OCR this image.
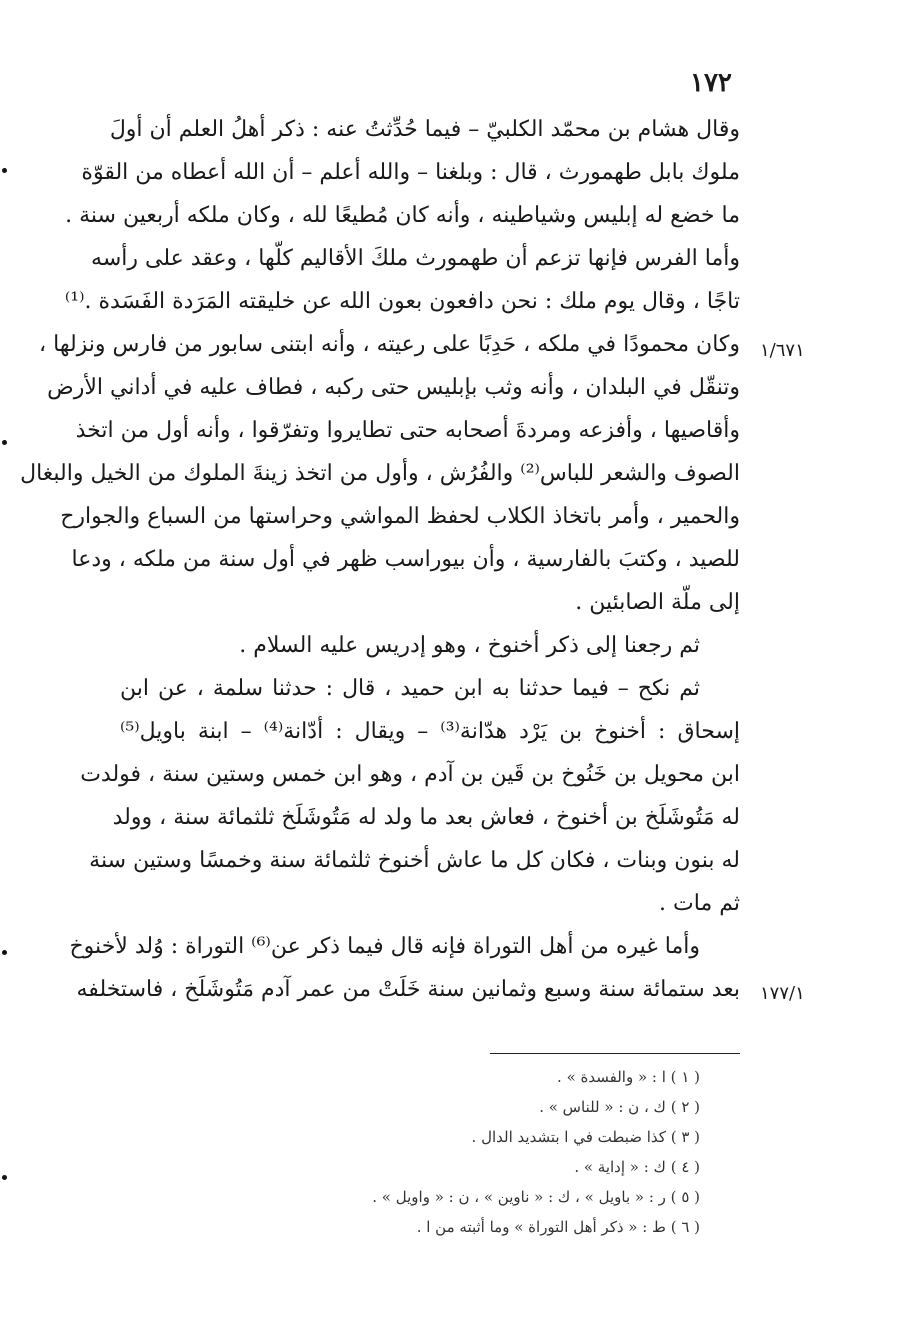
١٧٢
١/٦٧١
١٧٧/١
وقال هشام بن محمّد الكلبيّ – فيما حُدِّثتُ عنه : ذكر أهلُ العلم أن أولَ
ملوك بابل طهمورث ، قال : وبلغنا – والله أعلم – أن الله أعطاه من القوّة
ما خضع له إبليس وشياطينه ، وأنه كان مُطيعًا لله ، وكان ملكه أربعين سنة .
وأما الفرس فإنها تزعم أن طهمورث ملكَ الأقاليم كلّها ، وعقد على رأسه
تاجًا ، وقال يوم ملك : نحن دافعون بعون الله عن خليقته المَرَدة الفَسَدة .⁽¹⁾
وكان محمودًا في ملكه ، حَدِبًا على رعيته ، وأنه ابتنى سابور من فارس ونزلها ،
وتنقّل في البلدان ، وأنه وثب بإبليس حتى ركبه ، فطاف عليه في أداني الأرض
وأقاصيها ، وأفزعه ومردةَ أصحابه حتى تطايروا وتفرّقوا ، وأنه أول من اتخذ
الصوف والشعر للباس⁽²⁾ والفُرُش ، وأول من اتخذ زينةَ الملوك من الخيل والبغال
والحمير ، وأمر باتخاذ الكلاب لحفظ المواشي وحراستها من السباع والجوارح
للصيد ، وكتبَ بالفارسية ، وأن بيوراسب ظهر في أول سنة من ملكه ، ودعا
إلى ملّة الصابئين .
ثم رجعنا إلى ذكر أخنوخ ، وهو إدريس عليه السلام .
ثم نكح – فيما حدثنا به ابن حميد ، قال : حدثنا سلمة ، عن ابن
إسحاق : أخنوخ بن يَرْد هدّانة⁽³⁾ – ويقال : أدّانة⁽⁴⁾ – ابنة باويل⁽⁵⁾
ابن محويل بن خَنُوخ بن قَين بن آدم ، وهو ابن خمس وستين سنة ، فولدت
له مَتُوشَلَخ بن أخنوخ ، فعاش بعد ما ولد له مَتُوشَلَخ ثلثمائة سنة ، وولد
له بنون وبنات ، فكان كل ما عاش أخنوخ ثلثمائة سنة وخمسًا وستين سنة
ثم مات .
وأما غيره من أهل التوراة فإنه قال فيما ذكر عن⁽⁶⁾ التوراة : وُلد لأخنوخ
بعد ستمائة سنة وسبع وثمانين سنة خَلَتْ من عمر آدم مَتُوشَلَخ ، فاستخلفه
( ١ ) ا : « والفسدة » .
( ٢ ) ك ، ن : « للناس » .
( ٣ ) كذا ضبطت في ا بتشديد الدال .
( ٤ ) ك : « إداية » .
( ٥ ) ر : « باويل » ، ك : « ناوين » ، ن : « واويل » .
( ٦ ) ط : « ذكر أهل التوراة » وما أثبته من ا .
